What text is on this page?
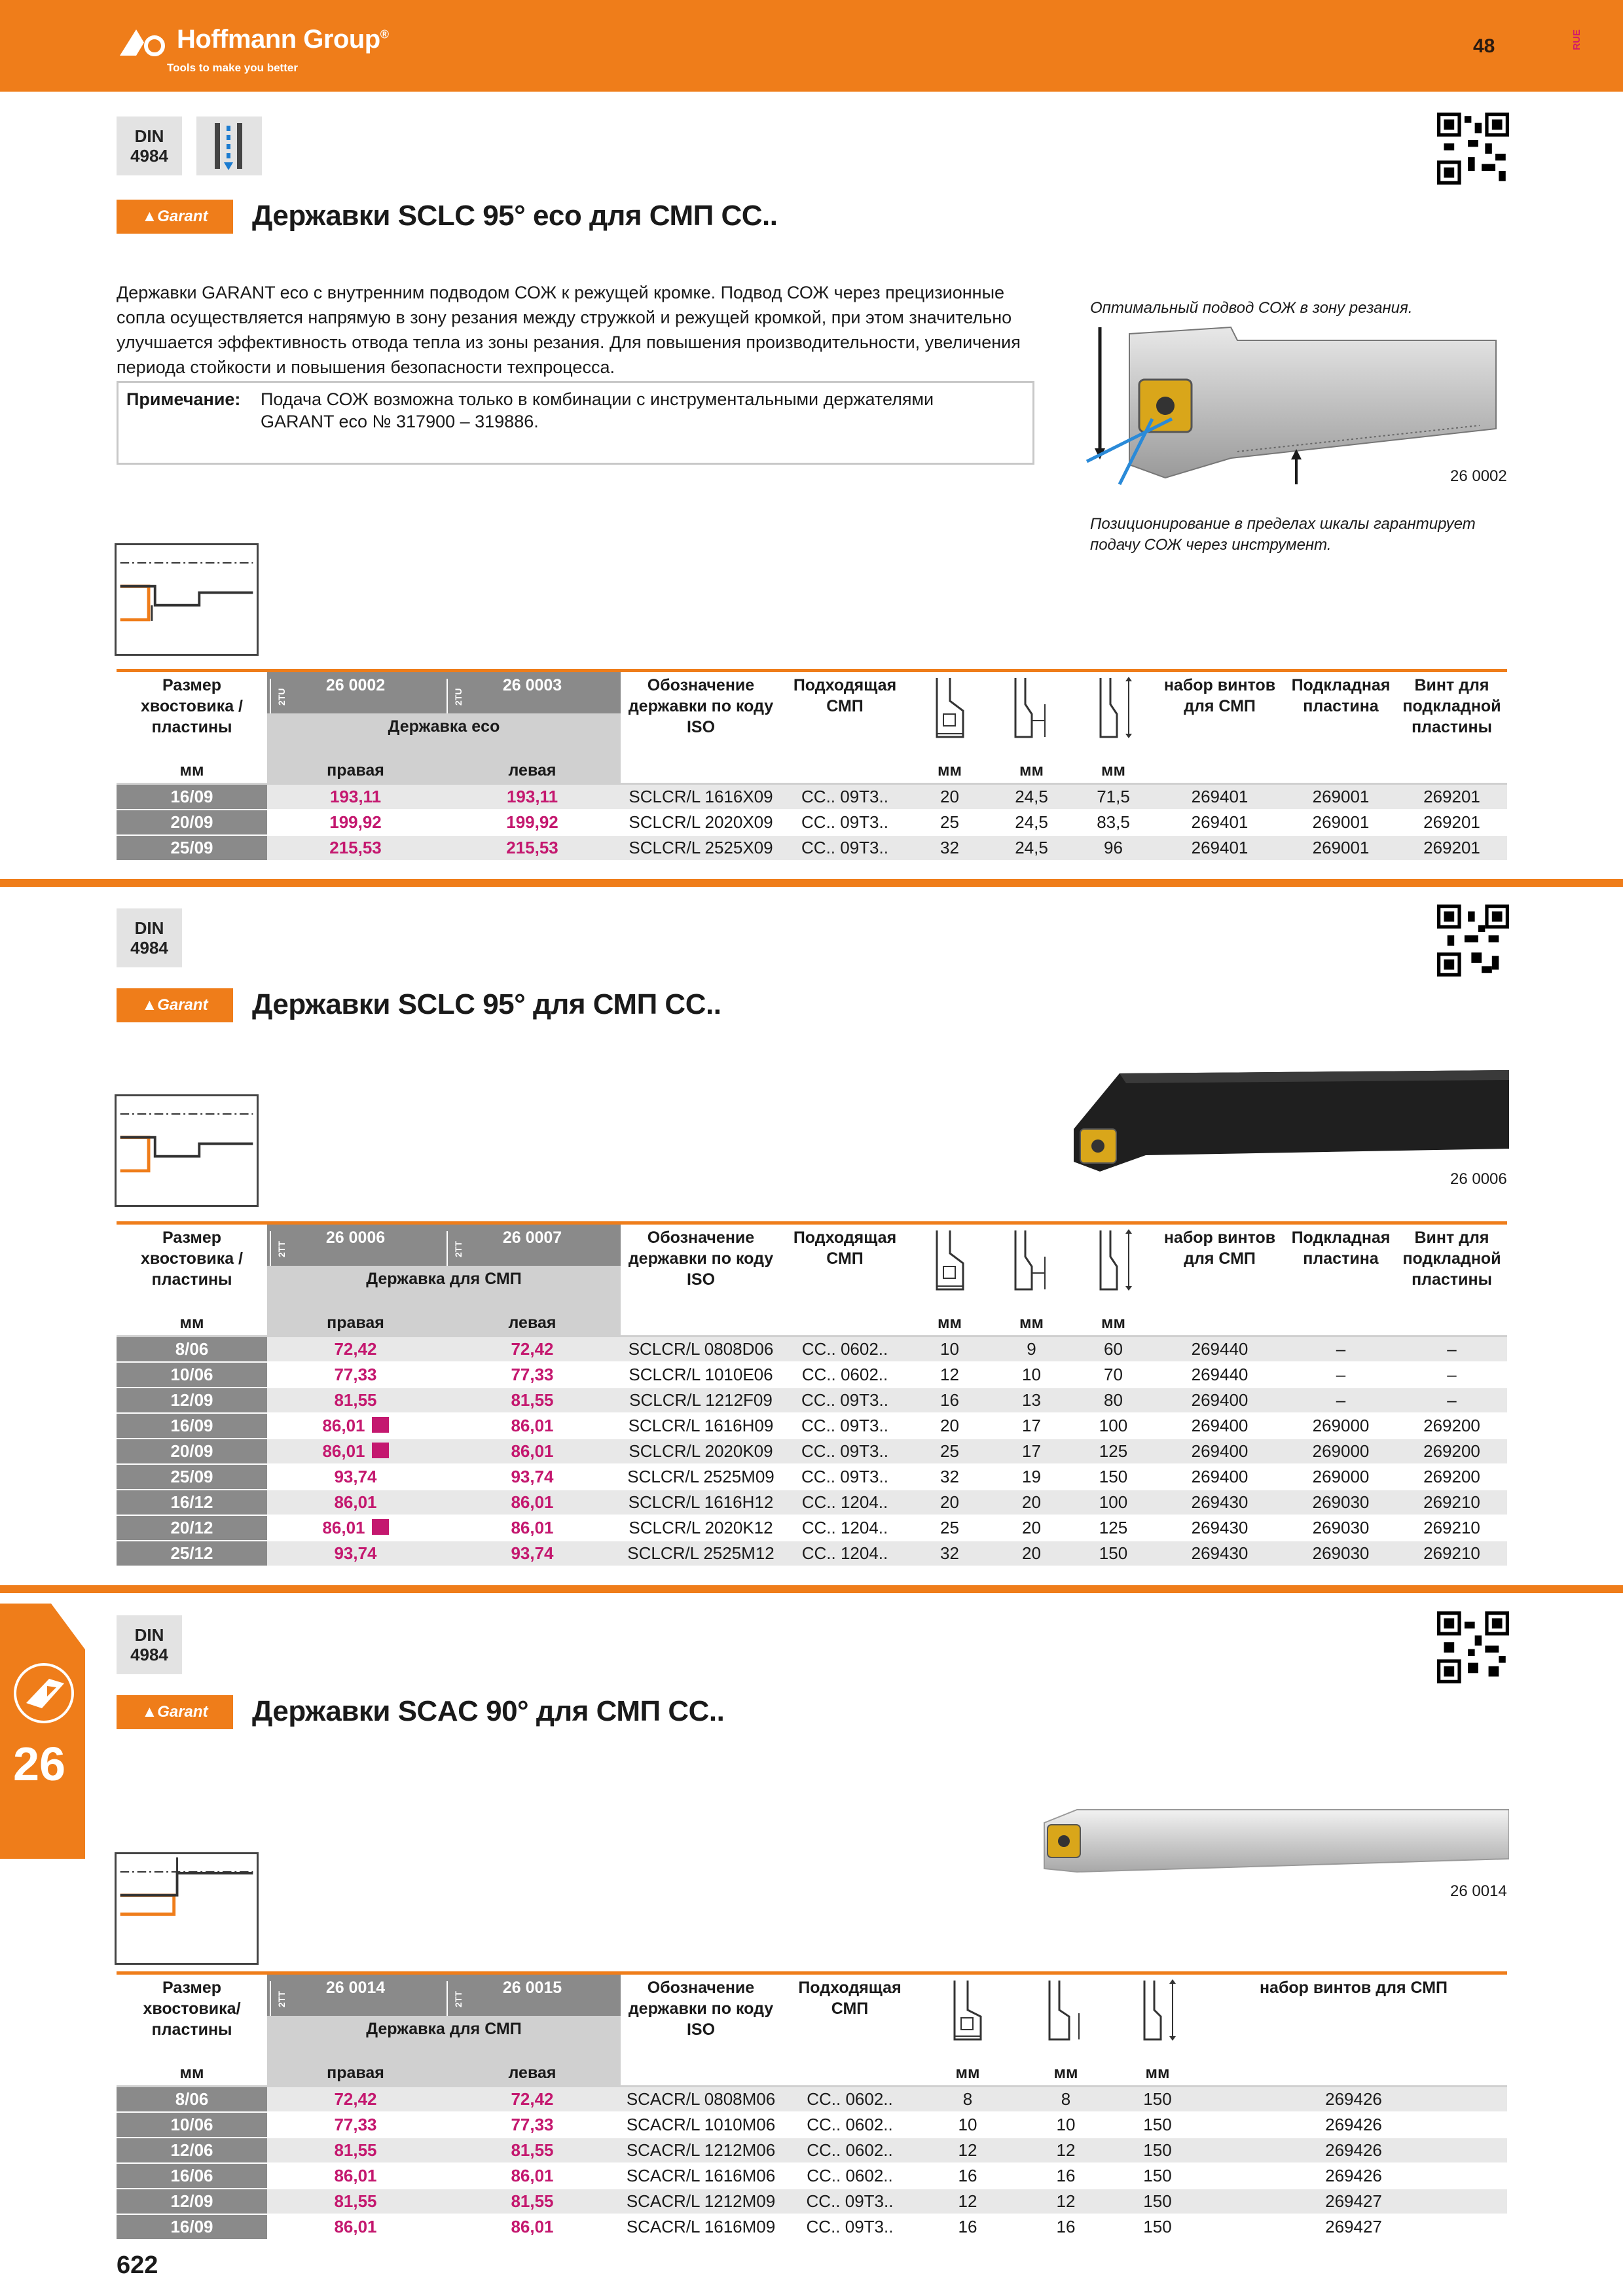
Hoffmann Group®
Tools to make you better
48	RUE
26
DIN
4984
▲ Garant Державки SCLC 95° eco для СМП CC..
Державки GARANT eco с внутренним подводом СОЖ к режущей кромке. Подвод СОЖ через прецизионные сопла осуществляется напрямую в зону резания между стружкой и режущей кромкой, при этом значительно улучшается эффективность отвода тепла из зоны резания. Для повышения производительности, увеличения периода стойкости и повышения безопасности техпроцесса.
Примечание: Подача СОЖ возможна только в комбинации с инструментальными держателями GARANT eco № 317900 – 319886.
Оптимальный подвод СОЖ в зону резания.
26 0002
Позиционирование в пределах шкалы гарантирует подачу СОЖ через инструмент.
Размер хвостовика / пластины	2TU
26 0002	2TU
26 0003	Обозначение державки по коду ISO	Подходящая СМП				набор винтов для СМП	Подкладная пластина	Винт для подкладной пластины
	Державка eco									
мм	правая	левая			мм	мм	мм			
16/09	193,11	193,11	SCLCR/L 1616X09	CC.. 09T3..	20	24,5	71,5	269401	269001	269201
20/09	199,92	199,92	SCLCR/L 2020X09	CC.. 09T3..	25	24,5	83,5	269401	269001	269201
25/09	215,53	215,53	SCLCR/L 2525X09	CC.. 09T3..	32	24,5	96	269401	269001	269201
DIN
4984
▲ Garant Державки SCLC 95° для СМП CC..
26 0006
Размер хвостовика / пластины	2TT
26 0006	2TT
26 0007	Обозначение державки по коду ISO	Подходящая СМП				набор винтов для СМП	Подкладная пластина	Винт для подкладной пластины
	Державка для СМП									
мм	правая	левая			мм	мм	мм			
8/06	72,42	72,42	SCLCR/L 0808D06	CC.. 0602..	10	9	60	269440	–	–
10/06	77,33	77,33	SCLCR/L 1010E06	CC.. 0602..	12	10	70	269440	–	–
12/09	81,55	81,55	SCLCR/L 1212F09	CC.. 09T3..	16	13	80	269400	–	–
16/09	86,01	86,01	SCLCR/L 1616H09	CC.. 09T3..	20	17	100	269400	269000	269200
20/09	86,01	86,01	SCLCR/L 2020K09	CC.. 09T3..	25	17	125	269400	269000	269200
25/09	93,74	93,74	SCLCR/L 2525M09	CC.. 09T3..	32	19	150	269400	269000	269200
16/12	86,01	86,01	SCLCR/L 1616H12	CC.. 1204..	20	20	100	269430	269030	269210
20/12	86,01	86,01	SCLCR/L 2020K12	CC.. 1204..	25	20	125	269430	269030	269210
25/12	93,74	93,74	SCLCR/L 2525M12	CC.. 1204..	32	20	150	269430	269030	269210
DIN
4984
▲ Garant Державки SCAC 90° для СМП CC..
26 0014
Размер хвостовика/ пластины	2TT
26 0014	2TT
26 0015	Обозначение державки по коду ISO	Подходящая СМП				набор винтов для СМП
	Державка для СМП							
мм	правая	левая			мм	мм	мм	
8/06	72,42	72,42	SCACR/L 0808M06	CC.. 0602..	8	8	150	269426
10/06	77,33	77,33	SCACR/L 1010M06	CC.. 0602..	10	10	150	269426
12/06	81,55	81,55	SCACR/L 1212M06	CC.. 0602..	12	12	150	269426
16/06	86,01	86,01	SCACR/L 1616M06	CC.. 0602..	16	16	150	269426
12/09	81,55	81,55	SCACR/L 1212M09	CC.. 09T3..	12	12	150	269427
16/09	86,01	86,01	SCACR/L 1616M09	CC.. 09T3..	16	16	150	269427
622
